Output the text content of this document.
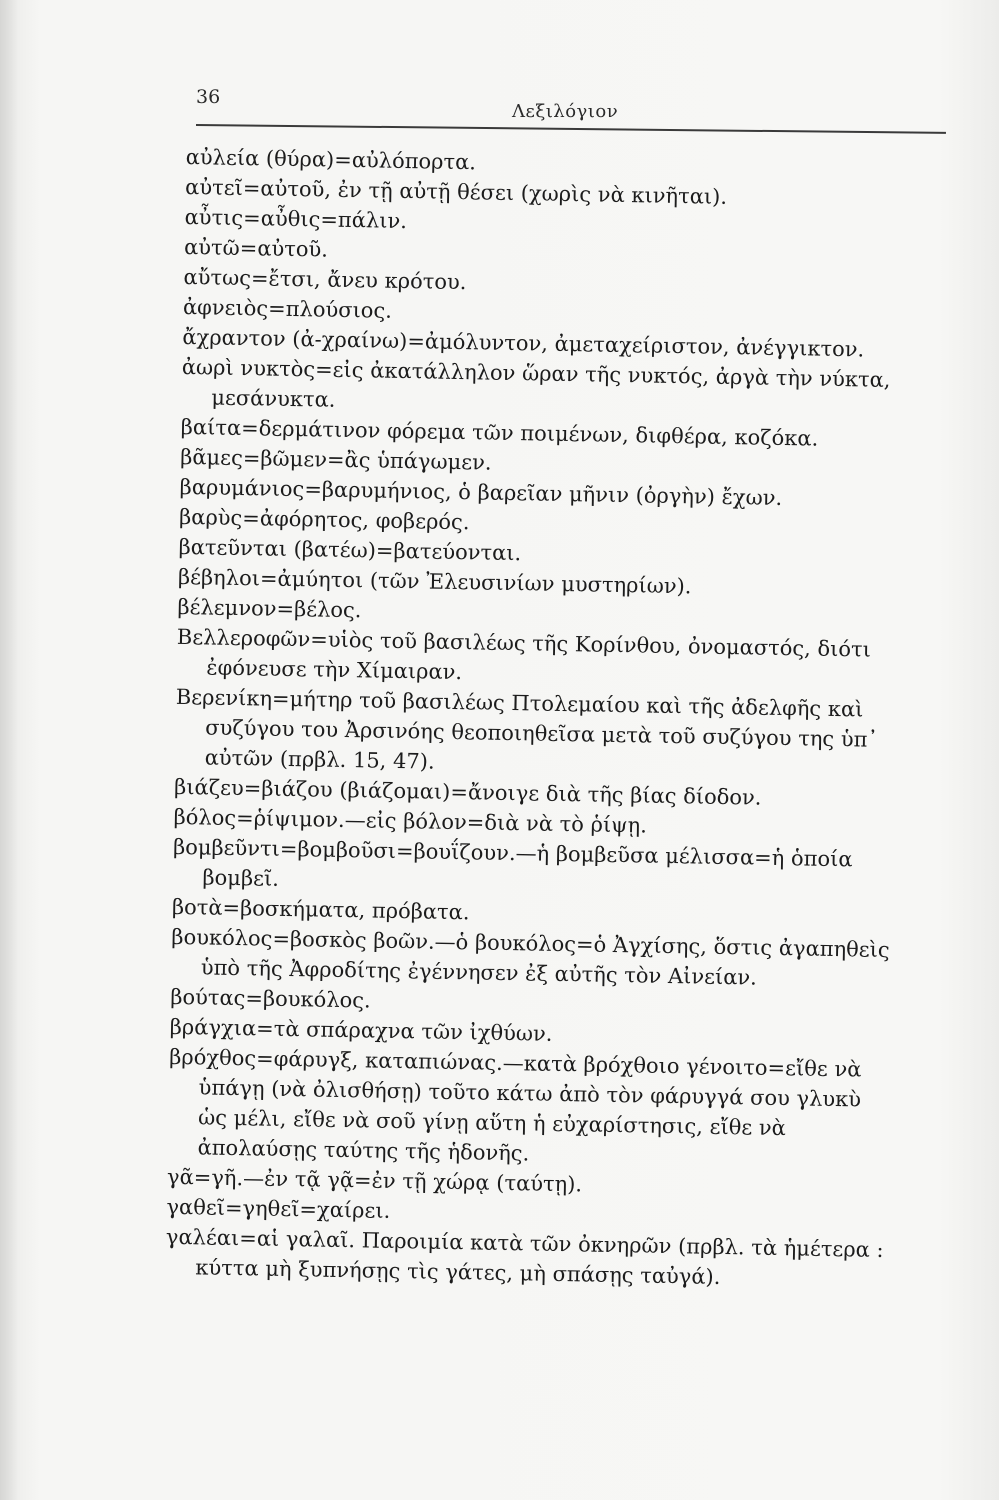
36
Λεξιλόγιον

αὐλεία (θύρα)=αὐλόπορτα.

αὐτεῖ=αὐτοῦ, ἐν τῇ αὐτῇ θέσει (χωρὶς νὰ κινῆται).

αὖτις=αὖθις=πάλιν.

αὐτῶ=αὐτοῦ.

αὔτως=ἔτσι, ἄνευ κρότου.

ἀφνειὸς=πλούσιος.

ἄχραντον (ἀ-χραίνω)=ἀμόλυντον, ἀμεταχείριστον, ἀνέγγικτον.

ἀωρὶ νυκτὸς=εἰς ἀκατάλληλον ὥραν τῆς νυκτός, ἀργὰ τὴν νύκτα, μεσάνυκτα.

βαίτα=δερμάτινον φόρεμα τῶν ποιμένων, διφθέρα, κοζόκα.

βᾶμες=βῶμεν=ἂς ὑπάγωμεν.

βαρυμάνιος=βαρυμήνιος, ὁ βαρεῖαν μῆνιν (ὀργὴν) ἔχων.

βαρὺς=ἀφόρητος, φοβερός.

βατεῦνται (βατέω)=βατεύονται.

βέβηλοι=ἀμύητοι (τῶν Ἐλευσινίων μυστηρίων).

βέλεμνον=βέλος.

Βελλεροφῶν=υἱὸς τοῦ βασιλέως τῆς Κορίνθου, ὀνομαστός, διότι ἐφόνευσε τὴν Χίμαιραν.

Βερενίκη=μήτηρ τοῦ βασιλέως Πτολεμαίου καὶ τῆς ἀδελφῆς καὶ συζύγου του Ἀρσινόης θεοποιηθεῖσα μετὰ τοῦ συζύγου της ὑπ᾽ αὐτῶν (πρβλ. 15, 47).

βιάζευ=βιάζου (βιάζομαι)=ἄνοιγε διὰ τῆς βίας δίοδον.

βόλος=ῥίψιμον.—εἰς βόλον=διὰ νὰ τὸ ῥίψῃ.

βομβεῦντι=βομβοῦσι=βουΐζουν.—ἡ βομβεῦσα μέλισσα=ἡ ὁποία βομβεῖ.

βοτὰ=βοσκήματα, πρόβατα.

βουκόλος=βοσκὸς βοῶν.—ὁ βουκόλος=ὁ Ἀγχίσης, ὅστις ἀγαπηθεὶς ὑπὸ τῆς Ἀφροδίτης ἐγέννησεν ἐξ αὐτῆς τὸν Αἰνείαν.

βούτας=βουκόλος.

βράγχια=τὰ σπάραχνα τῶν ἰχθύων.

βρόχθος=φάρυγξ, καταπιώνας.—κατὰ βρόχθοιο γένοιτο=εἴθε νὰ ὑπάγῃ (νὰ ὀλισθήσῃ) τοῦτο κάτω ἀπὸ τὸν φάρυγγά σου γλυκὺ ὡς μέλι, εἴθε νὰ σοῦ γίνῃ αὕτη ἡ εὐχαρίστησις, εἴθε νὰ ἀπολαύσῃς ταύτης τῆς ἡδονῆς.

γᾶ=γῆ.—ἐν τᾷ γᾷ=ἐν τῇ χώρᾳ (ταύτῃ).

γαθεῖ=γηθεῖ=χαίρει.

γαλέαι=αἱ γαλαῖ. Παροιμία κατὰ τῶν ὀκνηρῶν (πρβλ. τὰ ἡμέτερα : κύττα μὴ ξυπνήσῃς τὶς γάτες, μὴ σπάσῃς ταὐγά).
